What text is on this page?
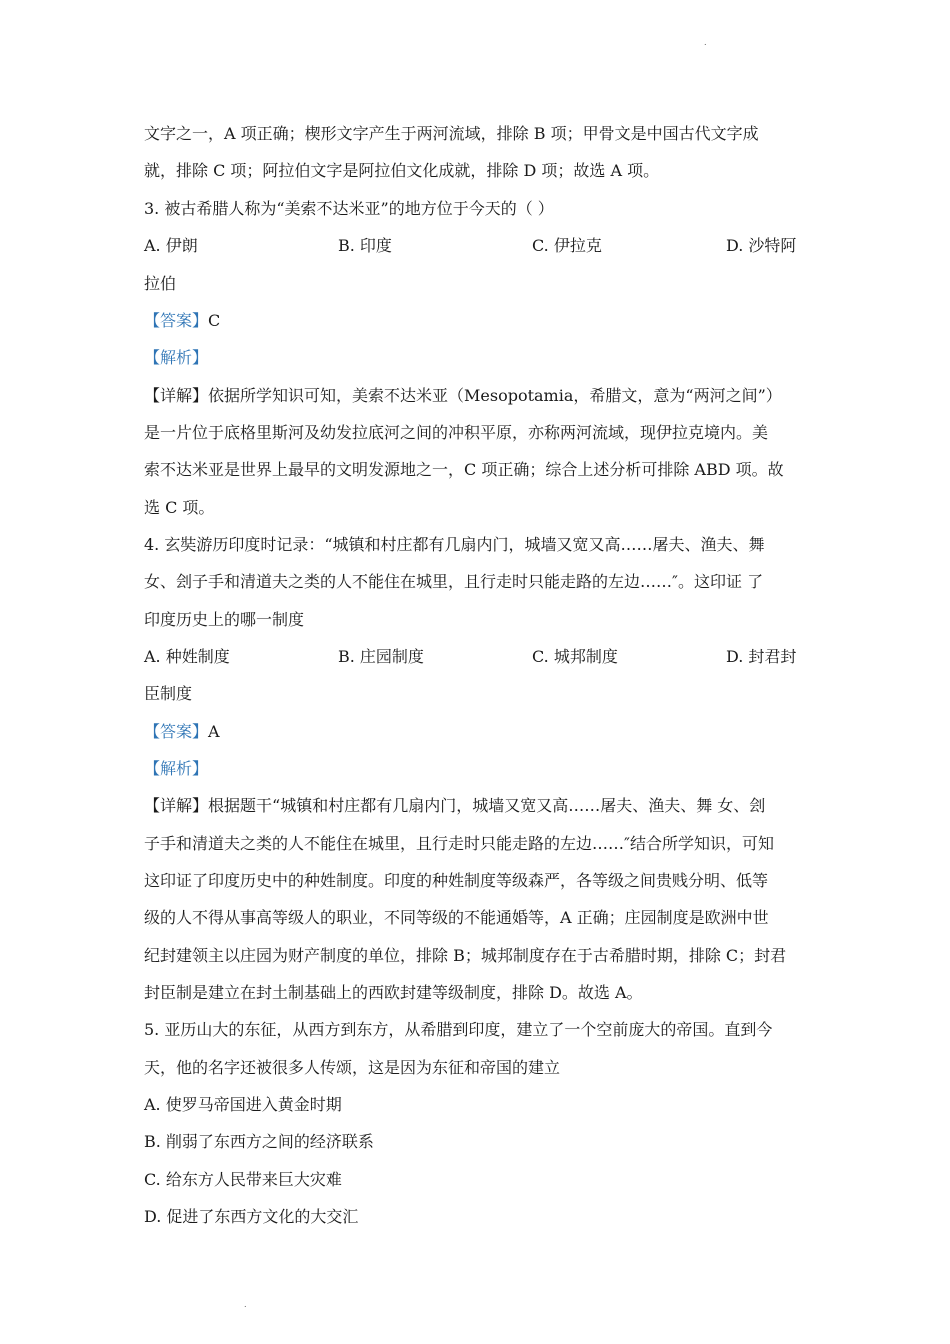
.
文字之一，A 项正确；楔形文字产生于两河流域，排除 B 项；甲骨文是中国古代文字成
就，排除 C 项；阿拉伯文字是阿拉伯文化成就，排除 D 项；故选 A 项。
3. 被古希腊人称为“美索不达米亚”的地方位于今天的（ ）
A. 伊朗	B. 印度	C. 伊拉克	D. 沙特阿
拉伯
【答案】C
【解析】
【详解】依据所学知识可知，美索不达米亚（Mesopotamia，希腊文，意为“两河之间”）
是一片位于底格里斯河及幼发拉底河之间的冲积平原，亦称两河流域，现伊拉克境内。美
索不达米亚是世界上最早的文明发源地之一，C 项正确；综合上述分析可排除 ABD 项。故
选 C 项。
4. 玄奘游历印度时记录：“城镇和村庄都有几扇内门，城墙又宽又高……屠夫、渔夫、舞
女、刽子手和清道夫之类的人不能住在城里，且行走时只能走路的左边……″。这印证 了
印度历史上的哪一制度
A. 种姓制度	B. 庄园制度	C. 城邦制度	D. 封君封
臣制度
【答案】A
【解析】
【详解】根据题干“城镇和村庄都有几扇内门，城墙又宽又高……屠夫、渔夫、舞 女、刽
子手和清道夫之类的人不能住在城里，且行走时只能走路的左边……″结合所学知识，可知
这印证了印度历史中的种姓制度。印度的种姓制度等级森严，各等级之间贵贱分明、低等
级的人不得从事高等级人的职业，不同等级的不能通婚等，A 正确；庄园制度是欧洲中世
纪封建领主以庄园为财产制度的单位，排除 B；城邦制度存在于古希腊时期，排除 C；封君
封臣制是建立在封土制基础上的西欧封建等级制度，排除 D。故选 A。
5. 亚历山大的东征，从西方到东方，从希腊到印度，建立了一个空前庞大的帝国。直到今
天，他的名字还被很多人传颂，这是因为东征和帝国的建立
A. 使罗马帝国进入黄金时期
B. 削弱了东西方之间的经济联系
C. 给东方人民带来巨大灾难
D. 促进了东西方文化的大交汇
.
